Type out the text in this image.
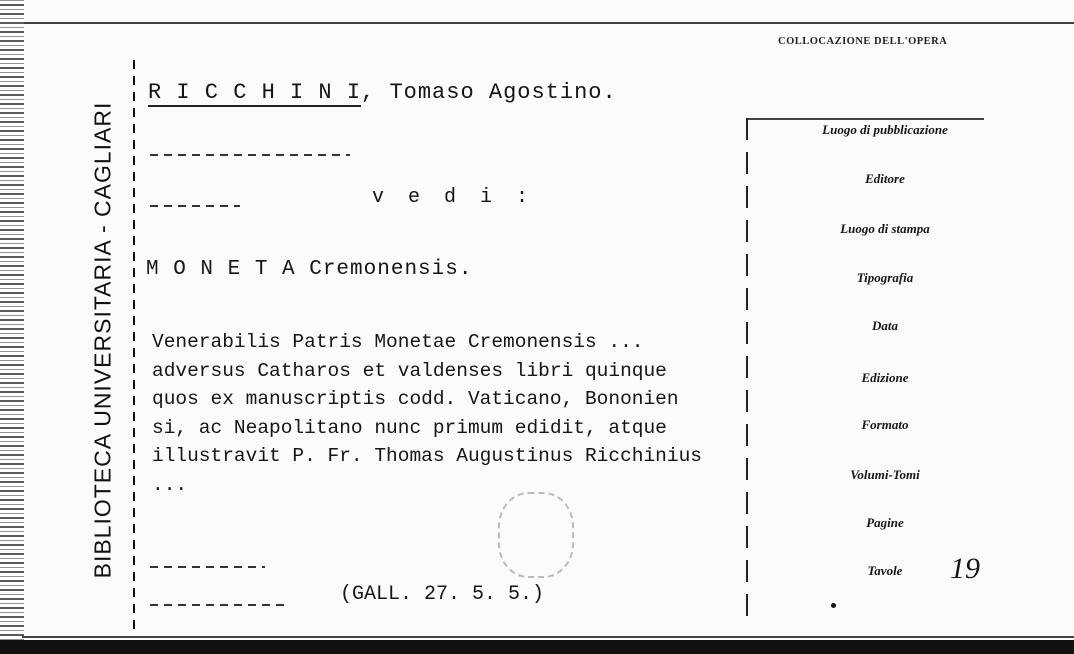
BIBLIOTECA UNIVERSITARIA - CAGLIARI
COLLOCAZIONE DELL'OPERA
R I C C H I N I, Tomaso Agostino.
v e d i :
M O N E T A Cremonensis.
Venerabilis Patris Monetae Cremonensis ...
adversus Catharos et valdenses libri quinque
quos ex manuscriptis codd. Vaticano, Bononien
si, ac Neapolitano nunc primum edidit, atque
illustravit P. Fr. Thomas Augustinus Ricchinius
...
(GALL. 27. 5. 5.)
Luogo di pubblicazione
Editore
Luogo di stampa
Tipografia
Data
Edizione
Formato
Volumi-Tomi
Pagine
Tavole	19
